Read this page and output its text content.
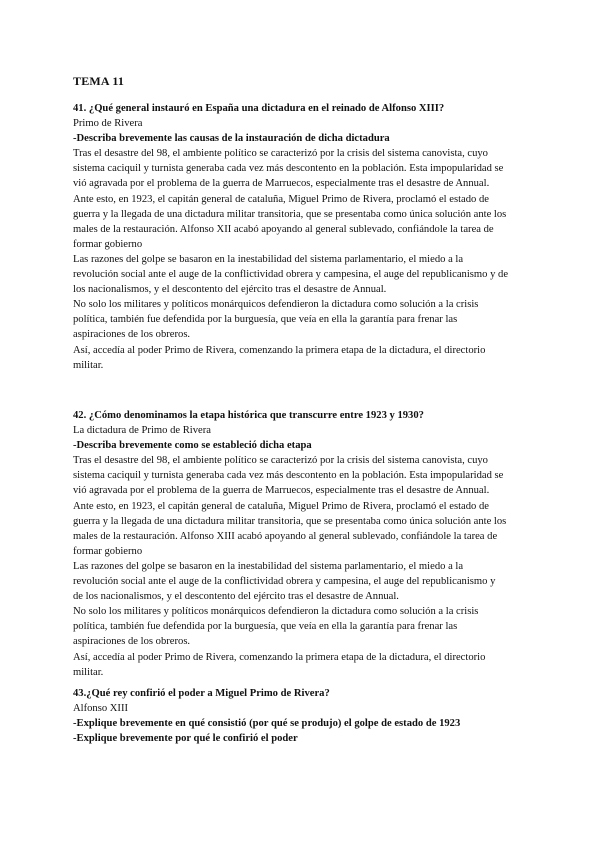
TEMA 11
41. ¿Qué general instauró en España una dictadura en el reinado de Alfonso XIII?
Primo de Rivera
-Describa brevemente las causas de la instauración de dicha dictadura
Tras el desastre del 98, el ambiente político se caracterizó por la crisis del sistema canovista, cuyo
sistema caciquil y turnista generaba cada vez más descontento en la población. Esta impopularidad se
vió agravada por el problema de la guerra de Marruecos, especialmente tras el desastre de Annual.
Ante esto, en 1923, el capitán general de cataluña, Miguel Primo de Rivera, proclamó el estado de
guerra y la llegada de una dictadura militar transitoria, que se presentaba como única solución ante los
males de la restauración. Alfonso XII acabó apoyando al general sublevado, confiándole la tarea de
formar gobierno
Las razones del golpe se basaron en la inestabilidad del sistema parlamentario, el miedo a la
revolución social ante el auge de la conflictividad obrera y campesina, el auge del republicanismo y de
los nacionalismos, y el descontento del ejército tras el desastre de Annual.
No solo los militares y políticos monárquicos defendieron la dictadura como solución a la crisis
política, también fue defendida por la burguesía, que veía en ella la garantía para frenar las
aspiraciones de los obreros.
Así, accedía al poder Primo de Rivera, comenzando la primera etapa de la dictadura, el directorio
militar.
42. ¿Cómo denominamos la etapa histórica que transcurre entre 1923 y 1930?
La dictadura de Primo de Rivera
-Describa brevemente como se estableció dicha etapa
Tras el desastre del 98, el ambiente político se caracterizó por la crisis del sistema canovista, cuyo
sistema caciquil y turnista generaba cada vez más descontento en la población. Esta impopularidad se
vió agravada por el problema de la guerra de Marruecos, especialmente tras el desastre de Annual.
Ante esto, en 1923, el capitán general de cataluña, Miguel Primo de Rivera, proclamó el estado de
guerra y la llegada de una dictadura militar transitoria, que se presentaba como única solución ante los
males de la restauración. Alfonso XIII acabó apoyando al general sublevado, confiándole la tarea de
formar gobierno
Las razones del golpe se basaron en la inestabilidad del sistema parlamentario, el miedo a la
revolución social ante el auge de la conflictividad obrera y campesina, el auge del republicanismo y
de los nacionalismos, y el descontento del ejército tras el desastre de Annual.
No solo los militares y políticos monárquicos defendieron la dictadura como solución a la crisis
política, también fue defendida por la burguesía, que veía en ella la garantía para frenar las
aspiraciones de los obreros.
Así, accedía al poder Primo de Rivera, comenzando la primera etapa de la dictadura, el directorio
militar.
43.¿Qué rey confirió el poder a Miguel Primo de Rivera?
Alfonso XIII
-Explique brevemente en qué consistió (por qué se produjo) el golpe de estado de 1923
-Explique brevemente por qué le confirió el poder
